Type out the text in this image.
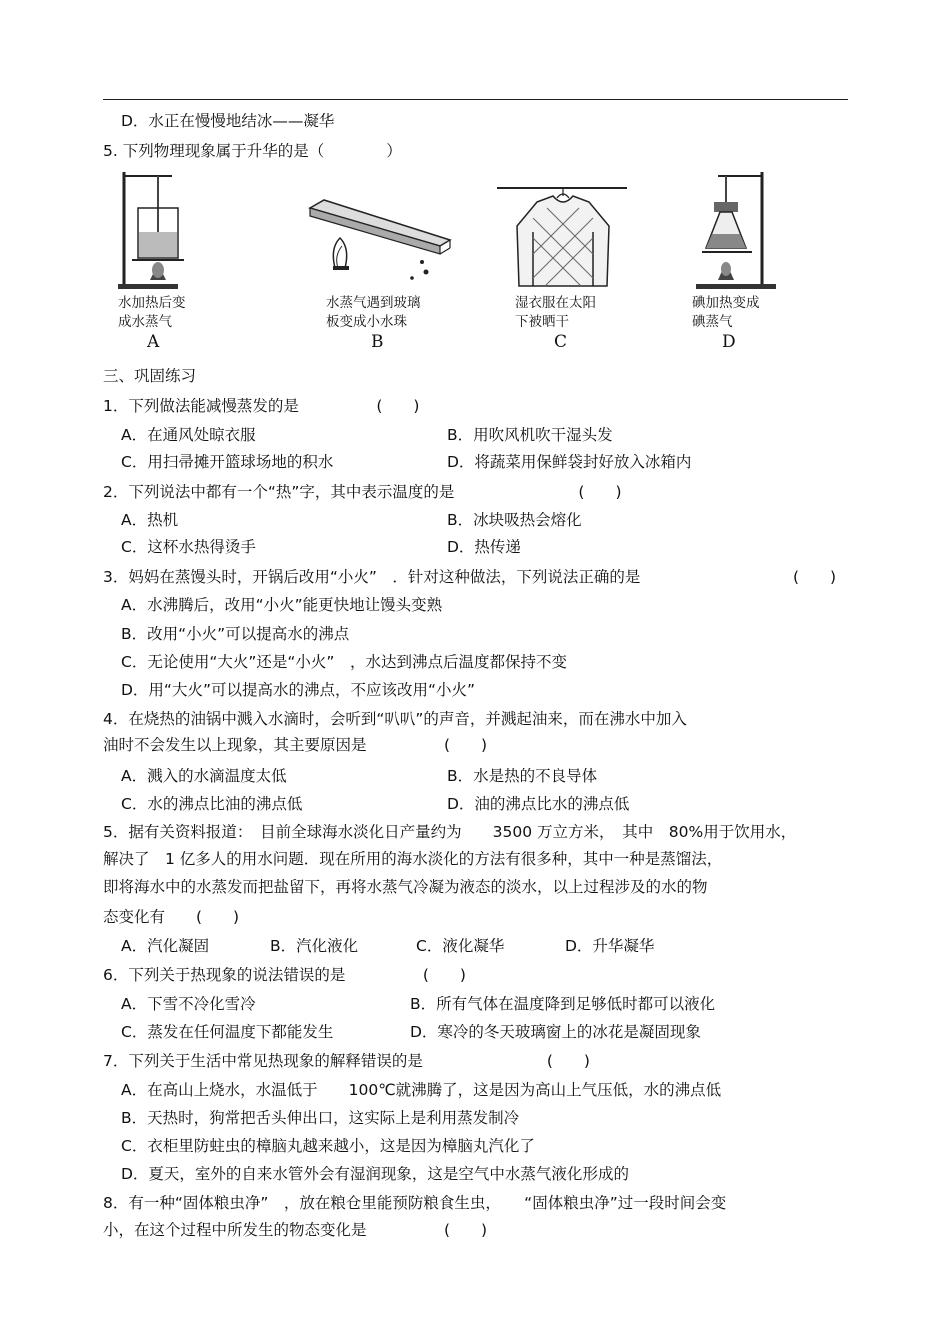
D．水正在慢慢地结冰——凝华
5. 下列物理现象属于升华的是（　　　　）
水加热后变
成水蒸气
A
水蒸气遇到玻璃
板变成小水珠
B
湿衣服在太阳
下被晒干
C
碘加热变成
碘蒸气
D
三、巩固练习
1．下列做法能减慢蒸发的是　　　　　(　　)
A．在通风处晾衣服	B．用吹风机吹干湿头发
C．用扫帚摊开篮球场地的积水	D．将蔬菜用保鲜袋封好放入冰箱内
2．下列说法中都有一个“热”字，其中表示温度的是　　　　　　　　(　　)
A．热机	B．冰块吸热会熔化
C．这杯水热得烫手	D．热传递
3．妈妈在蒸馒头时，开锅后改用“小火”　．针对这种做法，下列说法正确的是	(　　)
A．水沸腾后，改用“小火”能更快地让馒头变熟
B．改用“小火”可以提高水的沸点
C．无论使用“大火”还是“小火”　，水达到沸点后温度都保持不变
D．用“大火”可以提高水的沸点，不应该改用“小火”
4．在烧热的油锅中溅入水滴时，会听到“叭叭”的声音，并溅起油来，而在沸水中加入
油时不会发生以上现象，其主要原因是　　　　　(　　)
A．溅入的水滴温度太低	B．水是热的不良导体
C．水的沸点比油的沸点低	D．油的沸点比水的沸点低
5．据有关资料报道：　目前全球海水淡化日产量约为　　3500 万立方米，　其中　80%用于饮用水，
解决了　1 亿多人的用水问题．现在所用的海水淡化的方法有很多种，其中一种是蒸馏法，
即将海水中的水蒸发而把盐留下，再将水蒸气冷凝为液态的淡水，以上过程涉及的水的物
态变化有　　(　　)
A．汽化凝固	B．汽化液化	C．液化凝华	D．升华凝华
6．下列关于热现象的说法错误的是　　　　　(　　)
A．下雪不冷化雪冷	B．所有气体在温度降到足够低时都可以液化
C．蒸发在任何温度下都能发生	D．寒冷的冬天玻璃窗上的冰花是凝固现象
7．下列关于生活中常见热现象的解释错误的是　　　　　　　　(　　)
A．在高山上烧水，水温低于　　100℃就沸腾了，这是因为高山上气压低，水的沸点低
B．天热时，狗常把舌头伸出口，这实际上是利用蒸发制冷
C．衣柜里防蛀虫的樟脑丸越来越小，这是因为樟脑丸汽化了
D．夏天，室外的自来水管外会有湿润现象，这是空气中水蒸气液化形成的
8．有一种“固体粮虫净”　，放在粮仓里能预防粮食生虫，　　“固体粮虫净”过一段时间会变
小，在这个过程中所发生的物态变化是　　　　　(　　)
